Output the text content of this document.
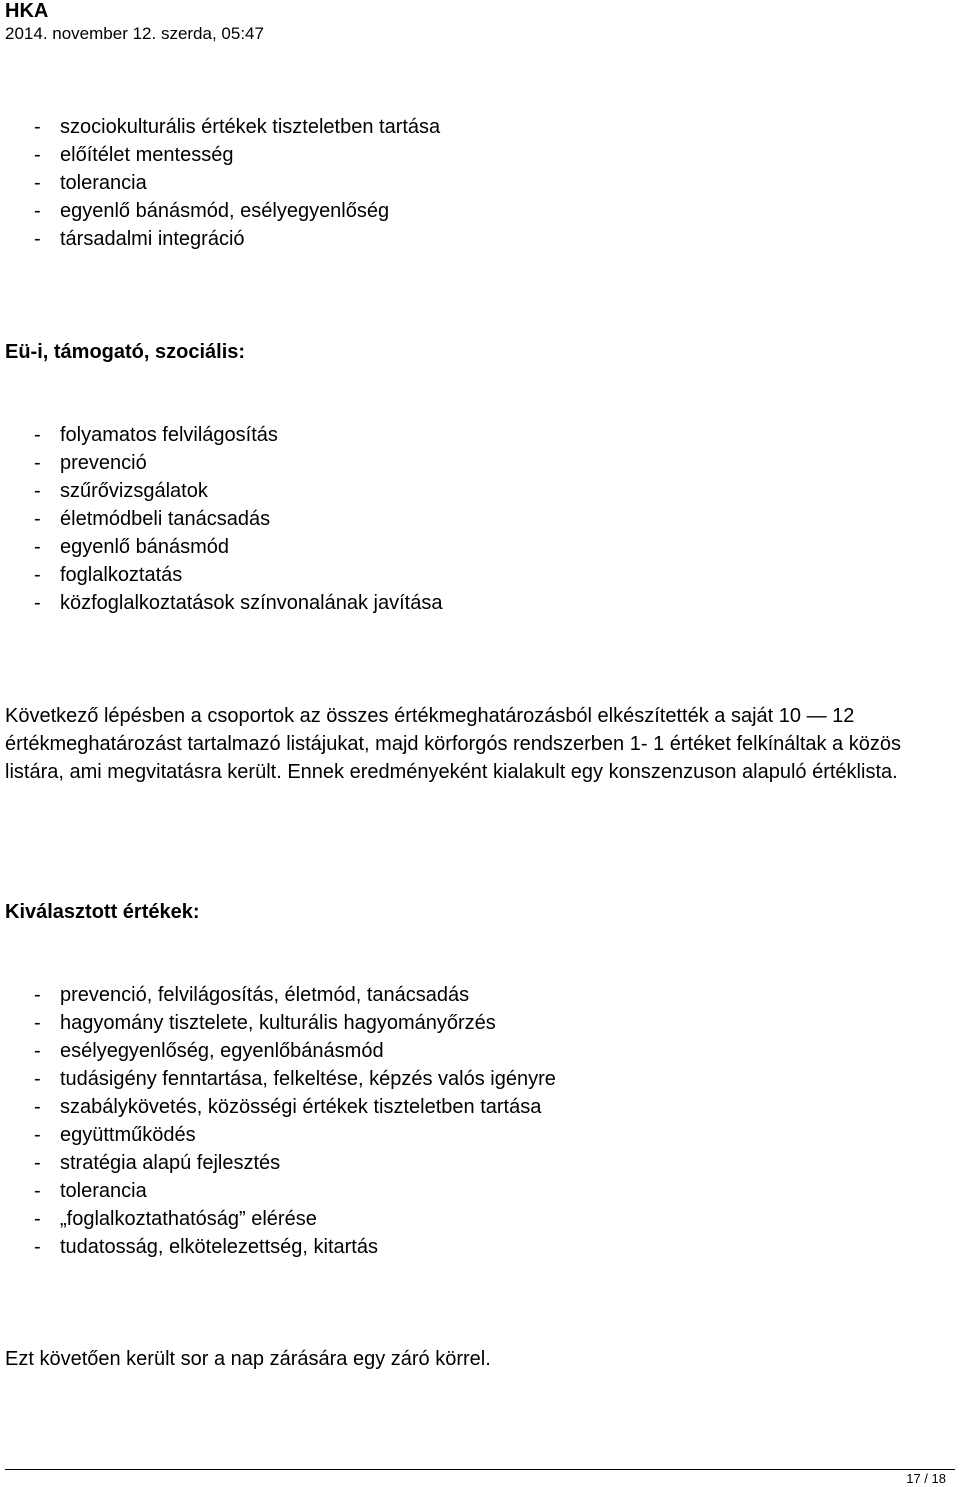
HKA
2014. november 12. szerda, 05:47
- szociokulturális értékek tiszteletben tartása
- előítélet mentesség
- tolerancia
- egyenlő bánásmód, esélyegyenlőség
- társadalmi integráció
Eü-i, támogató, szociális:
- folyamatos felvilágosítás
- prevenció
- szűrővizsgálatok
- életmódbeli tanácsadás
- egyenlő bánásmód
- foglalkoztatás
- közfoglalkoztatások színvonalának javítása

Következő lépésben a csoportok az összes értékmeghatározásból elkészítették a saját 10 — 12 értékmeghatározást tartalmazó listájukat, majd körforgós rendszerben 1- 1 értéket felkínáltak a közös listára, ami megvitatásra került. Ennek eredményeként kialakult egy konszenzuson alapuló értéklista.

Kiválasztott értékek:
- prevenció, felvilágosítás, életmód, tanácsadás
- hagyomány tisztelete, kulturális hagyományőrzés
- esélyegyenlőség, egyenlőbánásmód
- tudásigény fenntartása, felkeltése, képzés valós igényre
- szabálykövetés, közösségi értékek tiszteletben tartása
- együttműködés
- stratégia alapú fejlesztés
- tolerancia
- „foglalkoztathatóság” elérése
- tudatosság, elkötelezettség, kitartás

Ezt követően került sor a nap zárására egy záró körrel.

17 / 18
